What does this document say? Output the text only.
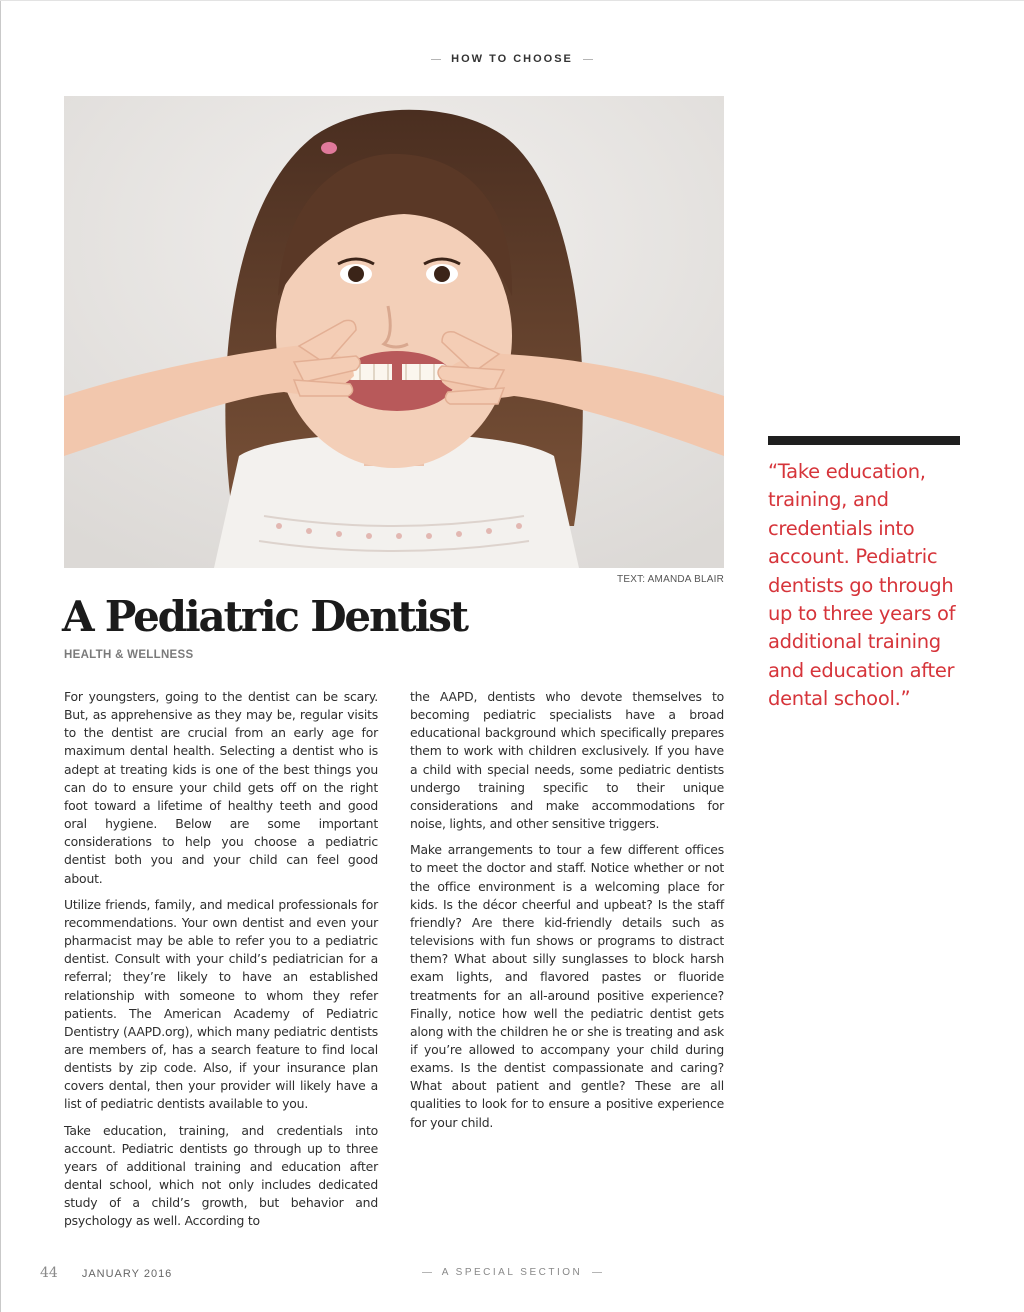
HOW TO CHOOSE
TEXT: AMANDA BLAIR
A Pediatric Dentist
HEALTH & WELLNESS

For youngsters, going to the dentist can be scary. But, as apprehensive as they may be, regular visits to the dentist are crucial from an early age for maximum dental health. Selecting a dentist who is adept at treating kids is one of the best things you can do to ensure your child gets off on the right foot toward a lifetime of healthy teeth and good oral hygiene. Below are some important considerations to help you choose a pediatric dentist both you and your child can feel good about.

Utilize friends, family, and medical professionals for recommendations. Your own dentist and even your pharmacist may be able to refer you to a pediatric dentist. Consult with your child’s pediatrician for a referral; they’re likely to have an established relationship with someone to whom they refer patients. The American Academy of Pediatric Dentistry (AAPD.org), which many pediatric dentists are members of, has a search feature to find local dentists by zip code. Also, if your insurance plan covers dental, then your provider will likely have a list of pediatric dentists available to you.

Take education, training, and credentials into account. Pediatric dentists go through up to three years of additional training and education after dental school, which not only includes dedicated study of a child’s growth, but behavior and psychology as well. According to

the AAPD, dentists who devote themselves to becoming pediatric specialists have a broad educational background which specifically prepares them to work with children exclusively. If you have a child with special needs, some pediatric dentists undergo training specific to their unique considerations and make accommodations for noise, lights, and other sensitive triggers.

Make arrangements to tour a few different offices to meet the doctor and staff. Notice whether or not the office environment is a welcoming place for kids. Is the décor cheerful and upbeat? Is the staff friendly? Are there kid-friendly details such as televisions with fun shows or programs to distract them? What about silly sunglasses to block harsh exam lights, and flavored pastes or fluoride treatments for an all-around positive experience? Finally, notice how well the pediatric dentist gets along with the children he or she is treating and ask if you’re allowed to accompany your child during exams. Is the dentist compassionate and caring? What about patient and gentle? These are all qualities to look for to ensure a positive experience for your child.

“Take education, training, and credentials into account. Pediatric dentists go through up to three years of additional training and education after dental school.”

44 JANUARY 2016	A SPECIAL SECTION
